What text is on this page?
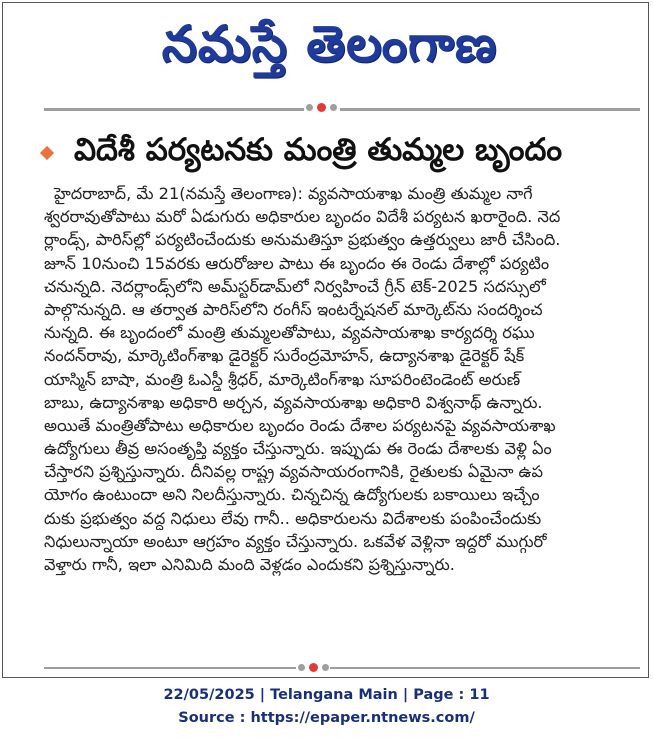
నమస్తే తెలంగాణ
విదేశీ పర్యటనకు మంత్రి తుమ్మల బృందం
హైదరాబాద్, మే 21(నమస్తే తెలంగాణ): వ్యవసాయశాఖ మంత్రి తుమ్మల నాగే
శ్వరరావుతోపాటు మరో ఏడుగురు అధికారుల బృందం విదేశీ పర్యటన ఖరారైంది. నెద
ర్లాండ్స్, పారిస్‌ల్లో పర్యటించేందుకు అనుమతిస్తూ ప్రభుత్వం ఉత్తర్వులు జారీ చేసింది.
జూన్ 10నుంచి 15వరకు ఆరురోజుల పాటు ఈ బృందం ఈ రెండు దేశాల్లో పర్యటిం
చనున్నది. నెదర్లాండ్స్‌లోని అమ్‌స్టర్‌డామ్‌లో నిర్వహించే గ్రీన్ టెక్-2025 సదస్సులో
పాల్గొనున్నది. ఆ తర్వాత పారిస్‌లోని రంగీస్ ఇంటర్నేషనల్ మార్కెట్‌ను సందర్శించ
నున్నది. ఈ బృందంలో మంత్రి తుమ్మలతోపాటు, వ్యవసాయశాఖ కార్యదర్శి రఘు
నందన్‌రావు, మార్కెటింగ్‌శాఖ డైరెక్టర్ సురేంద్రమోహన్, ఉద్యానశాఖ డైరెక్టర్ షేక్
యాస్మిన్ బాషా, మంత్రి ఓఎస్డీ శ్రీధర్, మార్కెటింగ్‌శాఖ సూపరింటెండెంట్ అరుణ్
బాబు, ఉద్యానశాఖ అధికారి అర్చన, వ్యవసాయశాఖ అధికారి విశ్వనాథ్ ఉన్నారు.
అయితే మంత్రితోపాటు అధికారుల బృందం రెండు దేశాల పర్యటనపై వ్యవసాయశాఖ
ఉద్యోగులు తీవ్ర అసంతృప్తి వ్యక్తం చేస్తున్నారు. ఇప్పుడు ఈ రెండు దేశాలకు వెళ్లి ఏం
చేస్తారని ప్రశ్నిస్తున్నారు. దీనివల్ల రాష్ట్ర వ్యవసాయరంగానికి, రైతులకు ఏమైనా ఉప
యోగం ఉంటుందా అని నిలదీస్తున్నారు. చిన్నచిన్న ఉద్యోగులకు బకాయిలు ఇచ్చేం
దుకు ప్రభుత్వం వద్ద నిధులు లేవు గానీ.. అధికారులను విదేశాలకు పంపించేందుకు
నిధులున్నాయా అంటూ ఆగ్రహం వ్యక్తం చేస్తున్నారు. ఒకవేళ వెళ్లినా ఇద్దరో ముగ్గురో
వెళ్తారు గానీ, ఇలా ఎనిమిది మంది వెళ్లడం ఎందుకని ప్రశ్నిస్తున్నారు.
22/05/2025 | Telangana Main | Page : 11
Source : https://epaper.ntnews.com/
